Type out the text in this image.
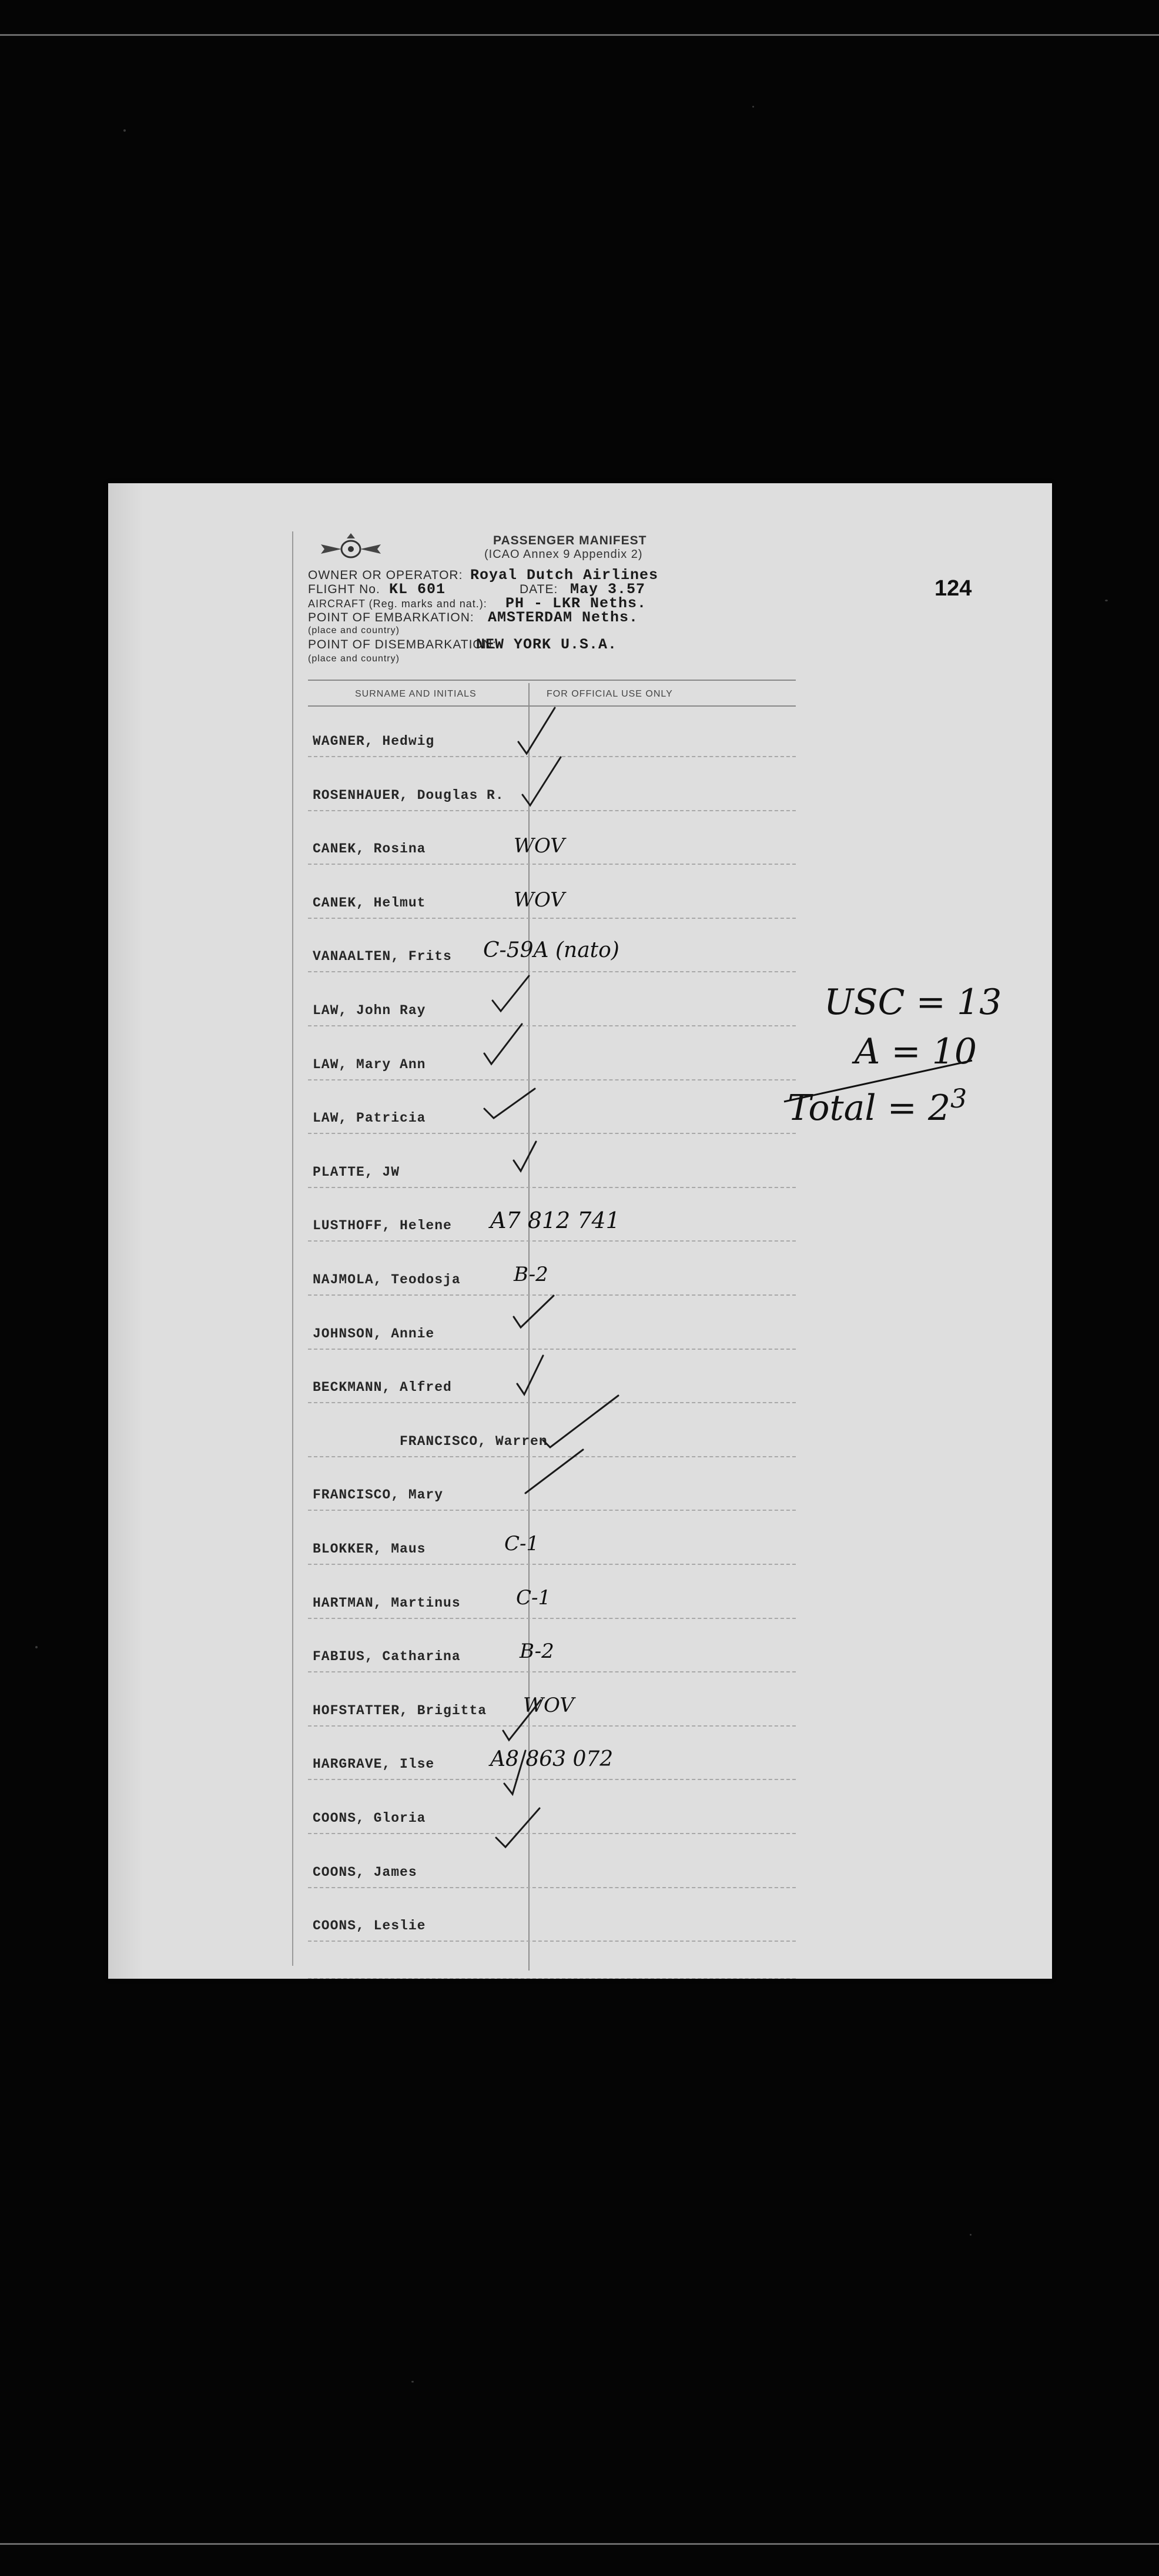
PASSENGER MANIFEST
(ICAO Annex 9 Appendix 2)
124
OWNER OR OPERATOR: Royal Dutch Airlines
FLIGHT No. KL 601	DATE: May 3.57
AIRCRAFT (Reg. marks and nat.): PH - LKR Neths.
POINT OF EMBARKATION: AMSTERDAM Neths.
(place and country)
POINT OF DISEMBARKATION:
NEW YORK U.S.A.
(place and country)
SURNAME AND INITIALS	FOR OFFICIAL USE ONLY
WAGNER, Hedwig
ROSENHAUER, Douglas R.
CANEK, Rosina	WOV
CANEK, Helmut	WOV
VANAALTEN, Frits C-59A (nato)
LAW, John Ray
LAW, Mary Ann
LAW, Patricia
PLATTE, JW
LUSTHOFF, Helene A7 812 741
NAJMOLA, Teodosja	B-2
JOHNSON, Annie
BECKMANN, Alfred
FRANCISCO, Warren
FRANCISCO, Mary
BLOKKER, Maus	C-1
HARTMAN, Martinus	C-1
FABIUS, Catharina	B-2
HOFSTATTER, Brigitta WOV
HARGRAVE, Ilse	A8 863 072
COONS, Gloria
COONS, James
COONS, Leslie
USC = 13
A = 10
Total = $2^3$
